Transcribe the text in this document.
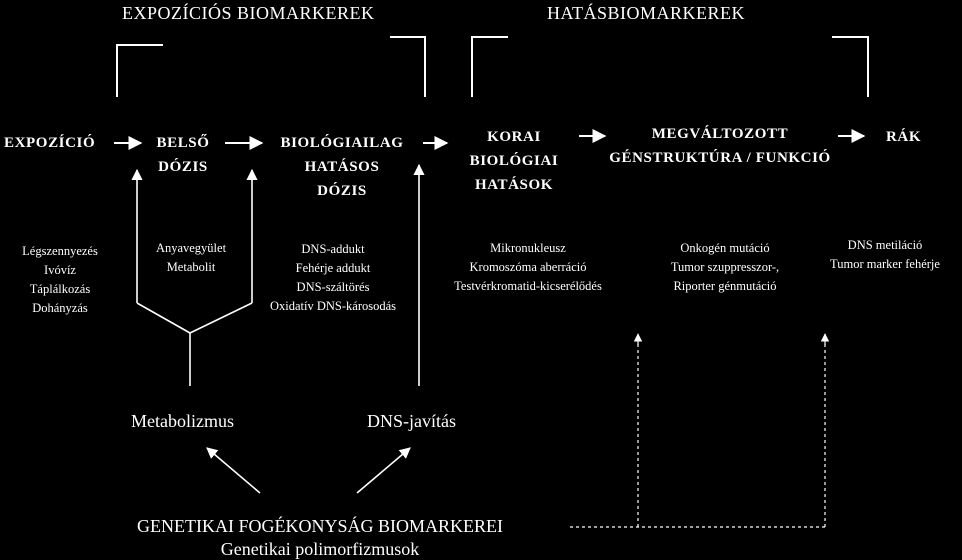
EXPOZÍCIÓS BIOMARKEREK	HATÁSBIOMARKEREK
EXPOZÍCIÓ	BELSŐ
DÓZIS
BIOLÓGIAILAG
HATÁSOS
DÓZIS
KORAI
BIOLÓGIAI
HATÁSOK
MEGVÁLTOZOTT
GÉNSTRUKTÚRA / FUNKCIÓ
RÁK
Légszennyezés
Ivóvíz
Táplálkozás
Dohányzás
Anyavegyület
Metabolit
DNS-addukt
Fehérje addukt
DNS-száltörés
Oxidatív DNS-károsodás
Mikronukleusz
Kromoszóma aberráció
Testvérkromatid-kicserélődés
Onkogén mutáció
Tumor szuppresszor-,
Riporter génmutáció
DNS metiláció
Tumor marker fehérje
Metabolizmus	DNS-javítás
GENETIKAI FOGÉKONYSÁG BIOMARKEREI
Genetikai polimorfizmusok
